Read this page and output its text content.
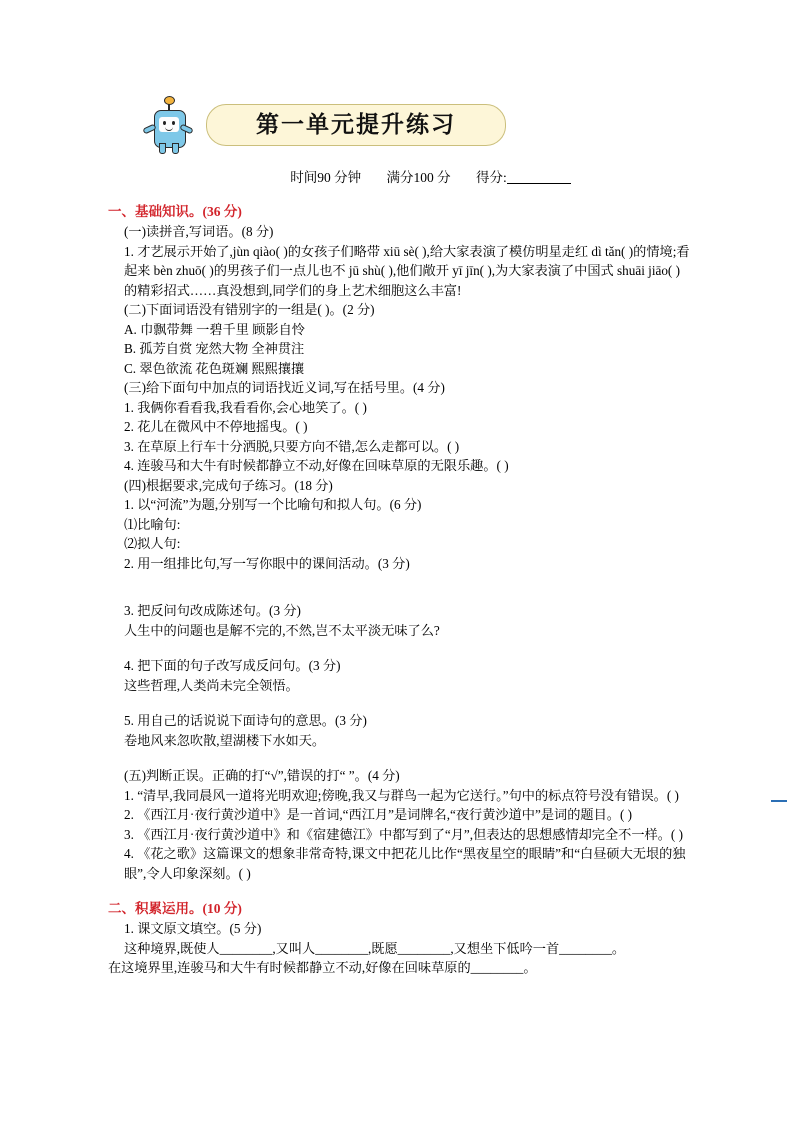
第一单元提升练习
时间90 分钟 满分100 分 得分:
一、基础知识。(36 分)

(一)读拼音,写词语。(8 分)

1. 才艺展示开始了,jùn qiào( )的女孩子们略带 xiū sè( ),给大家表演了模仿明星走红 dì tǎn( )的情境;看起来 bèn zhuō( )的男孩子们一点儿也不 jū shù( ),他们敞开 yī jīn( ),为大家表演了中国式 shuāi jiāo( )的精彩招式……真没想到,同学们的身上艺术细胞这么丰富!

(二)下面词语没有错别字的一组是( )。(2 分)

A. 巾飘带舞 一碧千里 顾影自怜

B. 孤芳自赏 宠然大物 全神贯注

C. 翠色欲流 花色斑斓 熙熙攘攘

(三)给下面句中加点的词语找近义词,写在括号里。(4 分)

1. 我俩你看看我,我看看你,会心地笑了。( )

2. 花儿在微风中不停地摇曳。( )

3. 在草原上行车十分洒脱,只要方向不错,怎么走都可以。( )

4. 连骏马和大牛有时候都静立不动,好像在回味草原的无限乐趣。( )

(四)根据要求,完成句子练习。(18 分)

1. 以“河流”为题,分别写一个比喻句和拟人句。(6 分)

⑴比喻句:

⑵拟人句:

2. 用一组排比句,写一写你眼中的课间活动。(3 分)

3. 把反问句改成陈述句。(3 分)

人生中的问题也是解不完的,不然,岂不太平淡无味了么?

4. 把下面的句子改写成反问句。(3 分)

这些哲理,人类尚未完全领悟。

5. 用自己的话说说下面诗句的意思。(3 分)

卷地风来忽吹散,望湖楼下水如天。

(五)判断正误。正确的打“√”,错误的打“ ”。(4 分)

1. “清早,我同晨风一道将光明欢迎;傍晚,我又与群鸟一起为它送行。”句中的标点符号没有错误。( )

2. 《西江月·夜行黄沙道中》是一首词,“西江月”是词牌名,“夜行黄沙道中”是词的题目。( )

3. 《西江月·夜行黄沙道中》和《宿建德江》中都写到了“月”,但表达的思想感情却完全不一样。( )

4. 《花之歌》这篇课文的想象非常奇特,课文中把花儿比作“黑夜星空的眼睛”和“白昼硕大无垠的独眼”,令人印象深刻。( )

二、积累运用。(10 分)

1. 课文原文填空。(5 分)

这种境界,既使人________,又叫人________,既愿________,又想坐下低吟一首________。

在这境界里,连骏马和大牛有时候都静立不动,好像在回味草原的________。
